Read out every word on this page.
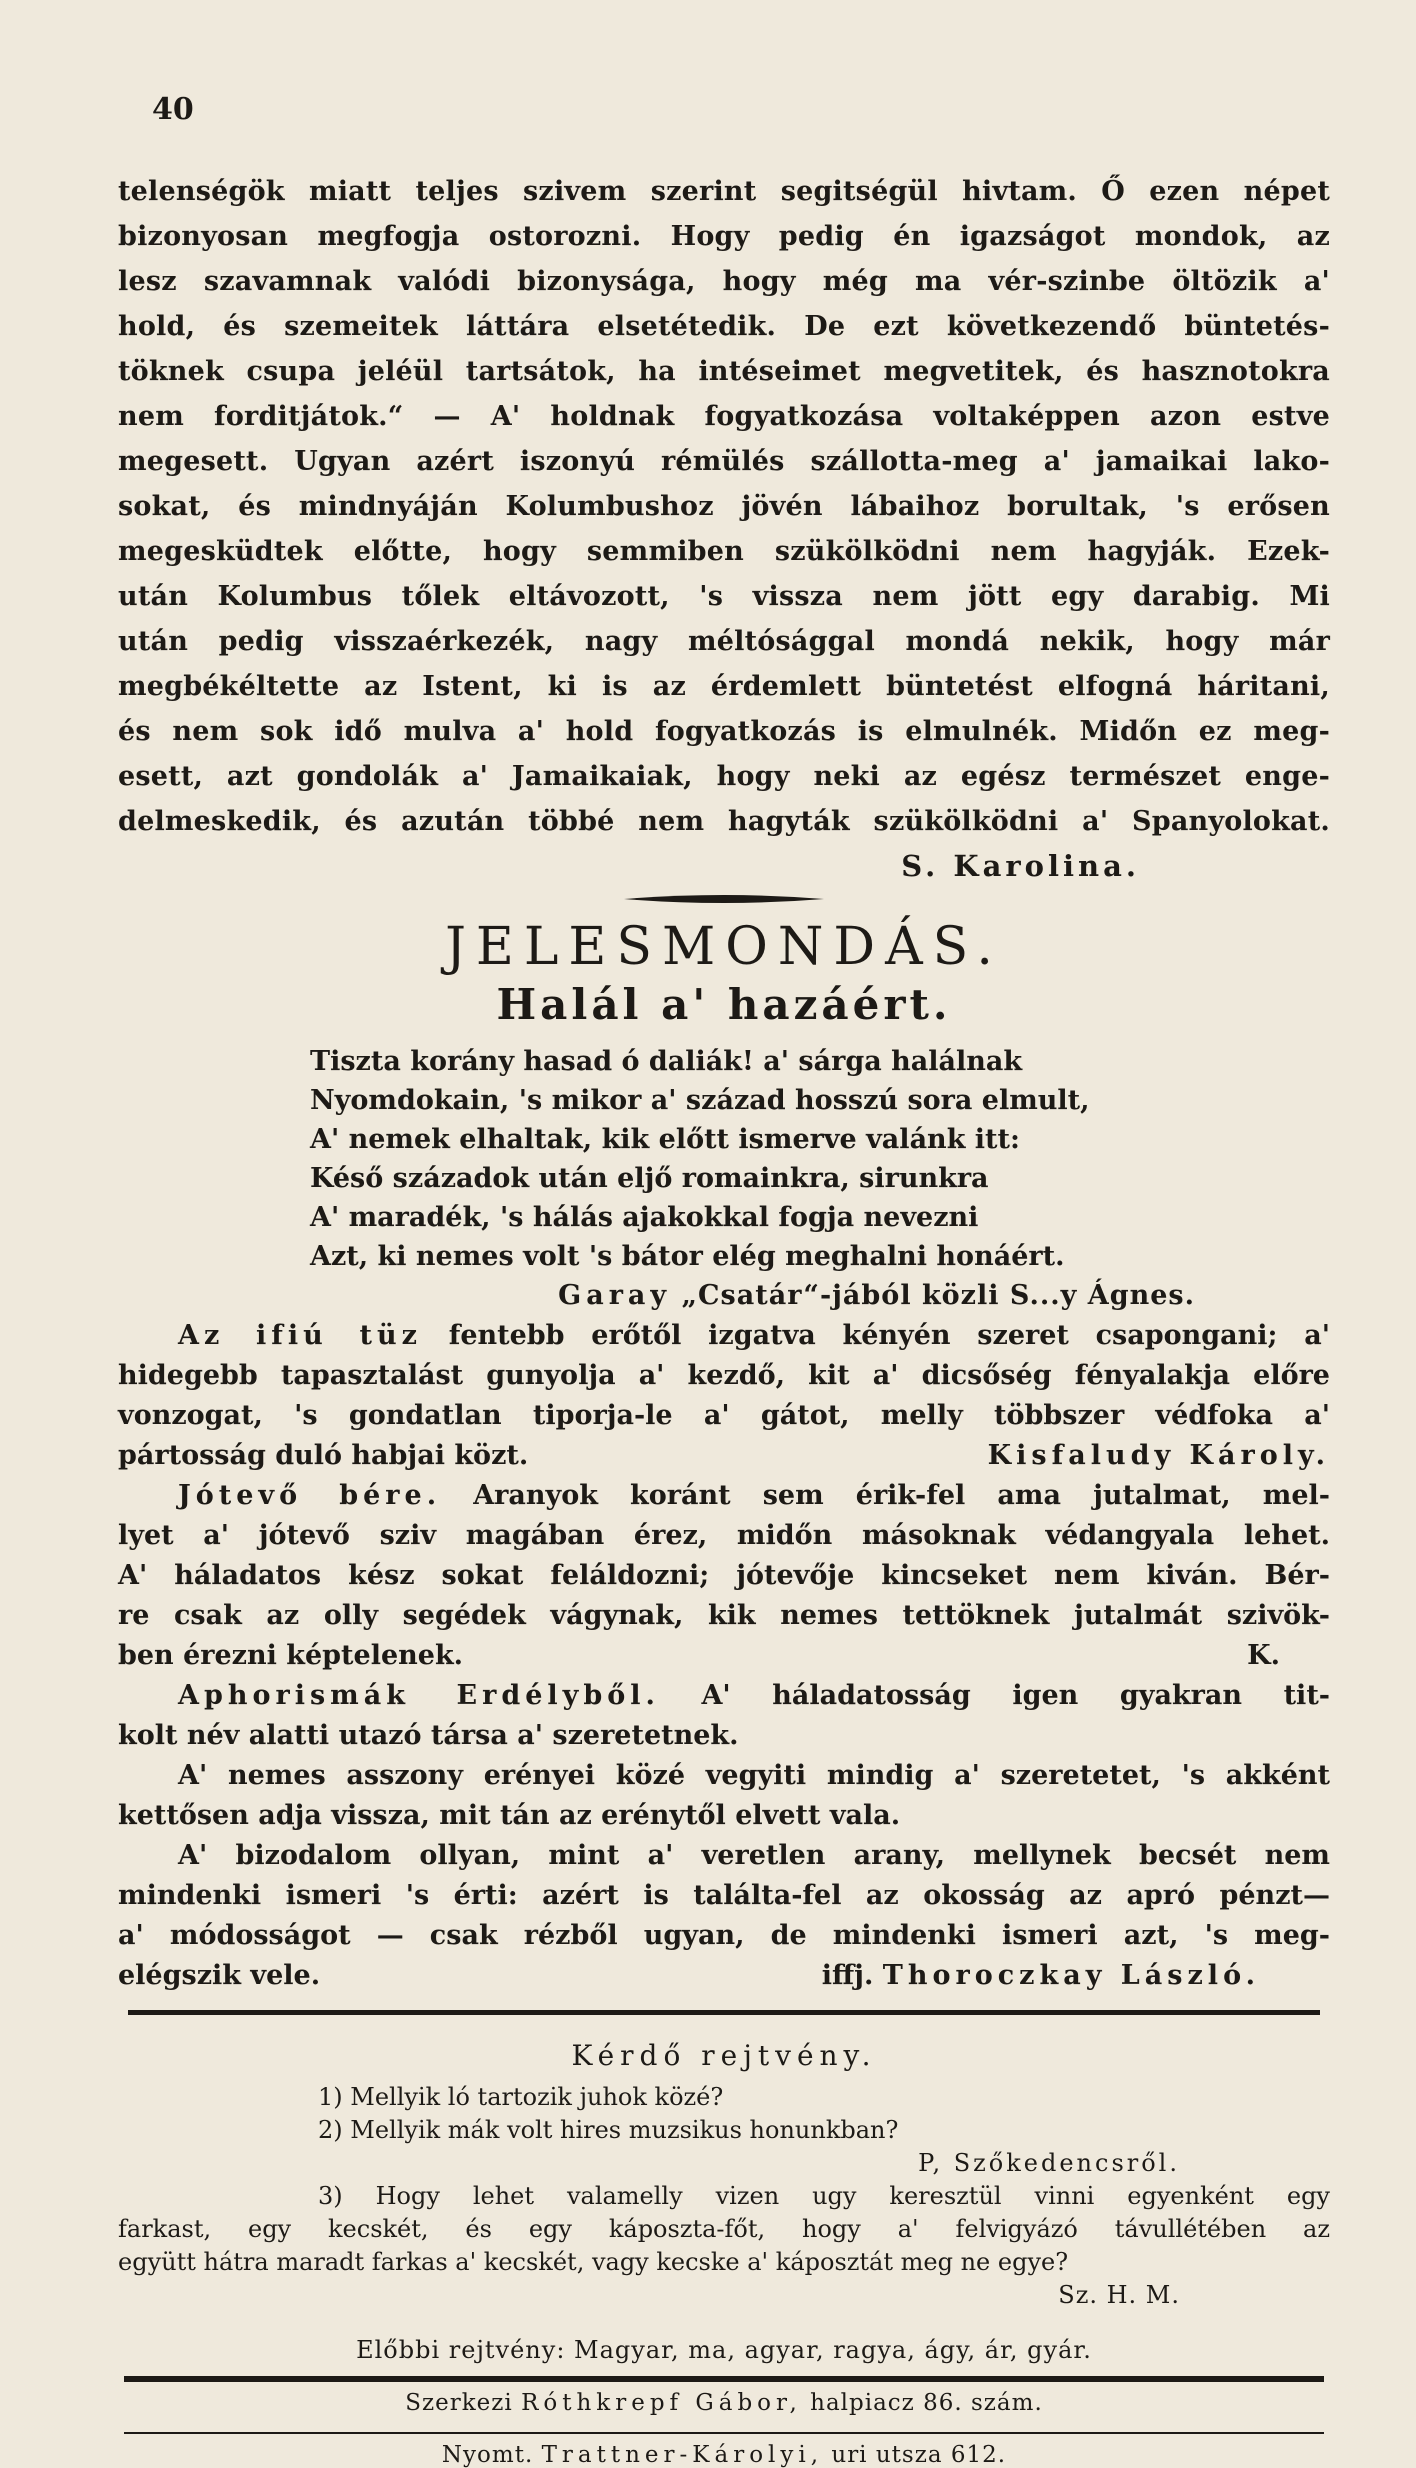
40

telenségök miatt teljes szivem szerint segitségül hivtam. Ő ezen népet

bizonyosan megfogja ostorozni. Hogy pedig én igazságot mondok, az

lesz szavamnak valódi bizonysága, hogy még ma vér-szinbe öltözik a'

hold, és szemeitek láttára elsetétedik. De ezt következendő büntetés-

töknek csupa jeléül tartsátok, ha intéseimet megvetitek, és hasznotokra

nem forditjátok.“ — A' holdnak fogyatkozása voltaképpen azon estve

megesett. Ugyan azért iszonyú rémülés szállotta-meg a' jamaikai lako-

sokat, és mindnyáján Kolumbushoz jövén lábaihoz borultak, 's erősen

megesküdtek előtte, hogy semmiben szükölködni nem hagyják. Ezek-

után Kolumbus tőlek eltávozott, 's vissza nem jött egy darabig. Mi

után pedig visszaérkezék, nagy méltósággal mondá nekik, hogy már

megbékéltette az Istent, ki is az érdemlett büntetést elfogná háritani,

és nem sok idő mulva a' hold fogyatkozás is elmulnék. Midőn ez meg-

esett, azt gondolák a' Jamaikaiak, hogy neki az egész természet enge-

delmeskedik, és azután többé nem hagyták szükölködni a' Spanyolokat.

S. Karolina.
JELESMONDÁS.
Halál a' hazáért.
Tiszta korány hasad ó daliák! a' sárga halálnak
Nyomdokain, 's mikor a' század hosszú sora elmult,
A' nemek elhaltak, kik előtt ismerve valánk itt:
Késő századok után eljő romainkra, sirunkra
A' maradék, 's hálás ajakokkal fogja nevezni
Azt, ki nemes volt 's bátor elég meghalni honáért.
Garay „Csatár“-jából közli S...y Ágnes.

Az ifiú tüz fentebb erőtől izgatva kényén szeret csapongani; a'

hidegebb tapasztalást gunyolja a' kezdő, kit a' dicsőség fényalakja előre

vonzogat, 's gondatlan tiporja-le a' gátot, melly többszer védfoka a'

pártosság duló habjai közt.	Kisfaludy Károly.

Jótevő bére. Aranyok koránt sem érik-fel ama jutalmat, mel-

lyet a' jótevő sziv magában érez, midőn másoknak védangyala lehet.

A' háladatos kész sokat feláldozni; jótevője kincseket nem kiván. Bér-

re csak az olly segédek vágynak, kik nemes tettöknek jutalmát szivök-

ben érezni képtelenek.	K.

Aphorismák Erdélyből. A' háladatosság igen gyakran tit-

kolt név alatti utazó társa a' szeretetnek.

A' nemes asszony erényei közé vegyiti mindig a' szeretetet, 's akként

kettősen adja vissza, mit tán az erénytől elvett vala.

A' bizodalom ollyan, mint a' veretlen arany, mellynek becsét nem

mindenki ismeri 's érti: azért is találta-fel az okosság az apró pénzt—

a' módosságot — csak rézből ugyan, de mindenki ismeri azt, 's meg-

elégszik vele.	iffj. Thoroczkay László.

Kérdő rejtvény.
1) Mellyik ló tartozik juhok közé?
2) Mellyik mák volt hires muzsikus honunkban?
P, Szőkedencsről.

3) Hogy lehet valamelly vizen ugy keresztül vinni egyenként egy

farkast, egy kecskét, és egy káposzta-főt, hogy a' felvigyázó távullétében az

együtt hátra maradt farkas a' kecskét, vagy kecske a' káposztát meg ne egye?

Sz. H. M.
Előbbi rejtvény: Magyar, ma, agyar, ragya, ágy, ár, gyár.
Szerkezi Róthkrepf Gábor, halpiacz 86. szám.
Nyomt. Trattner-Károlyi, uri utsza 612.
